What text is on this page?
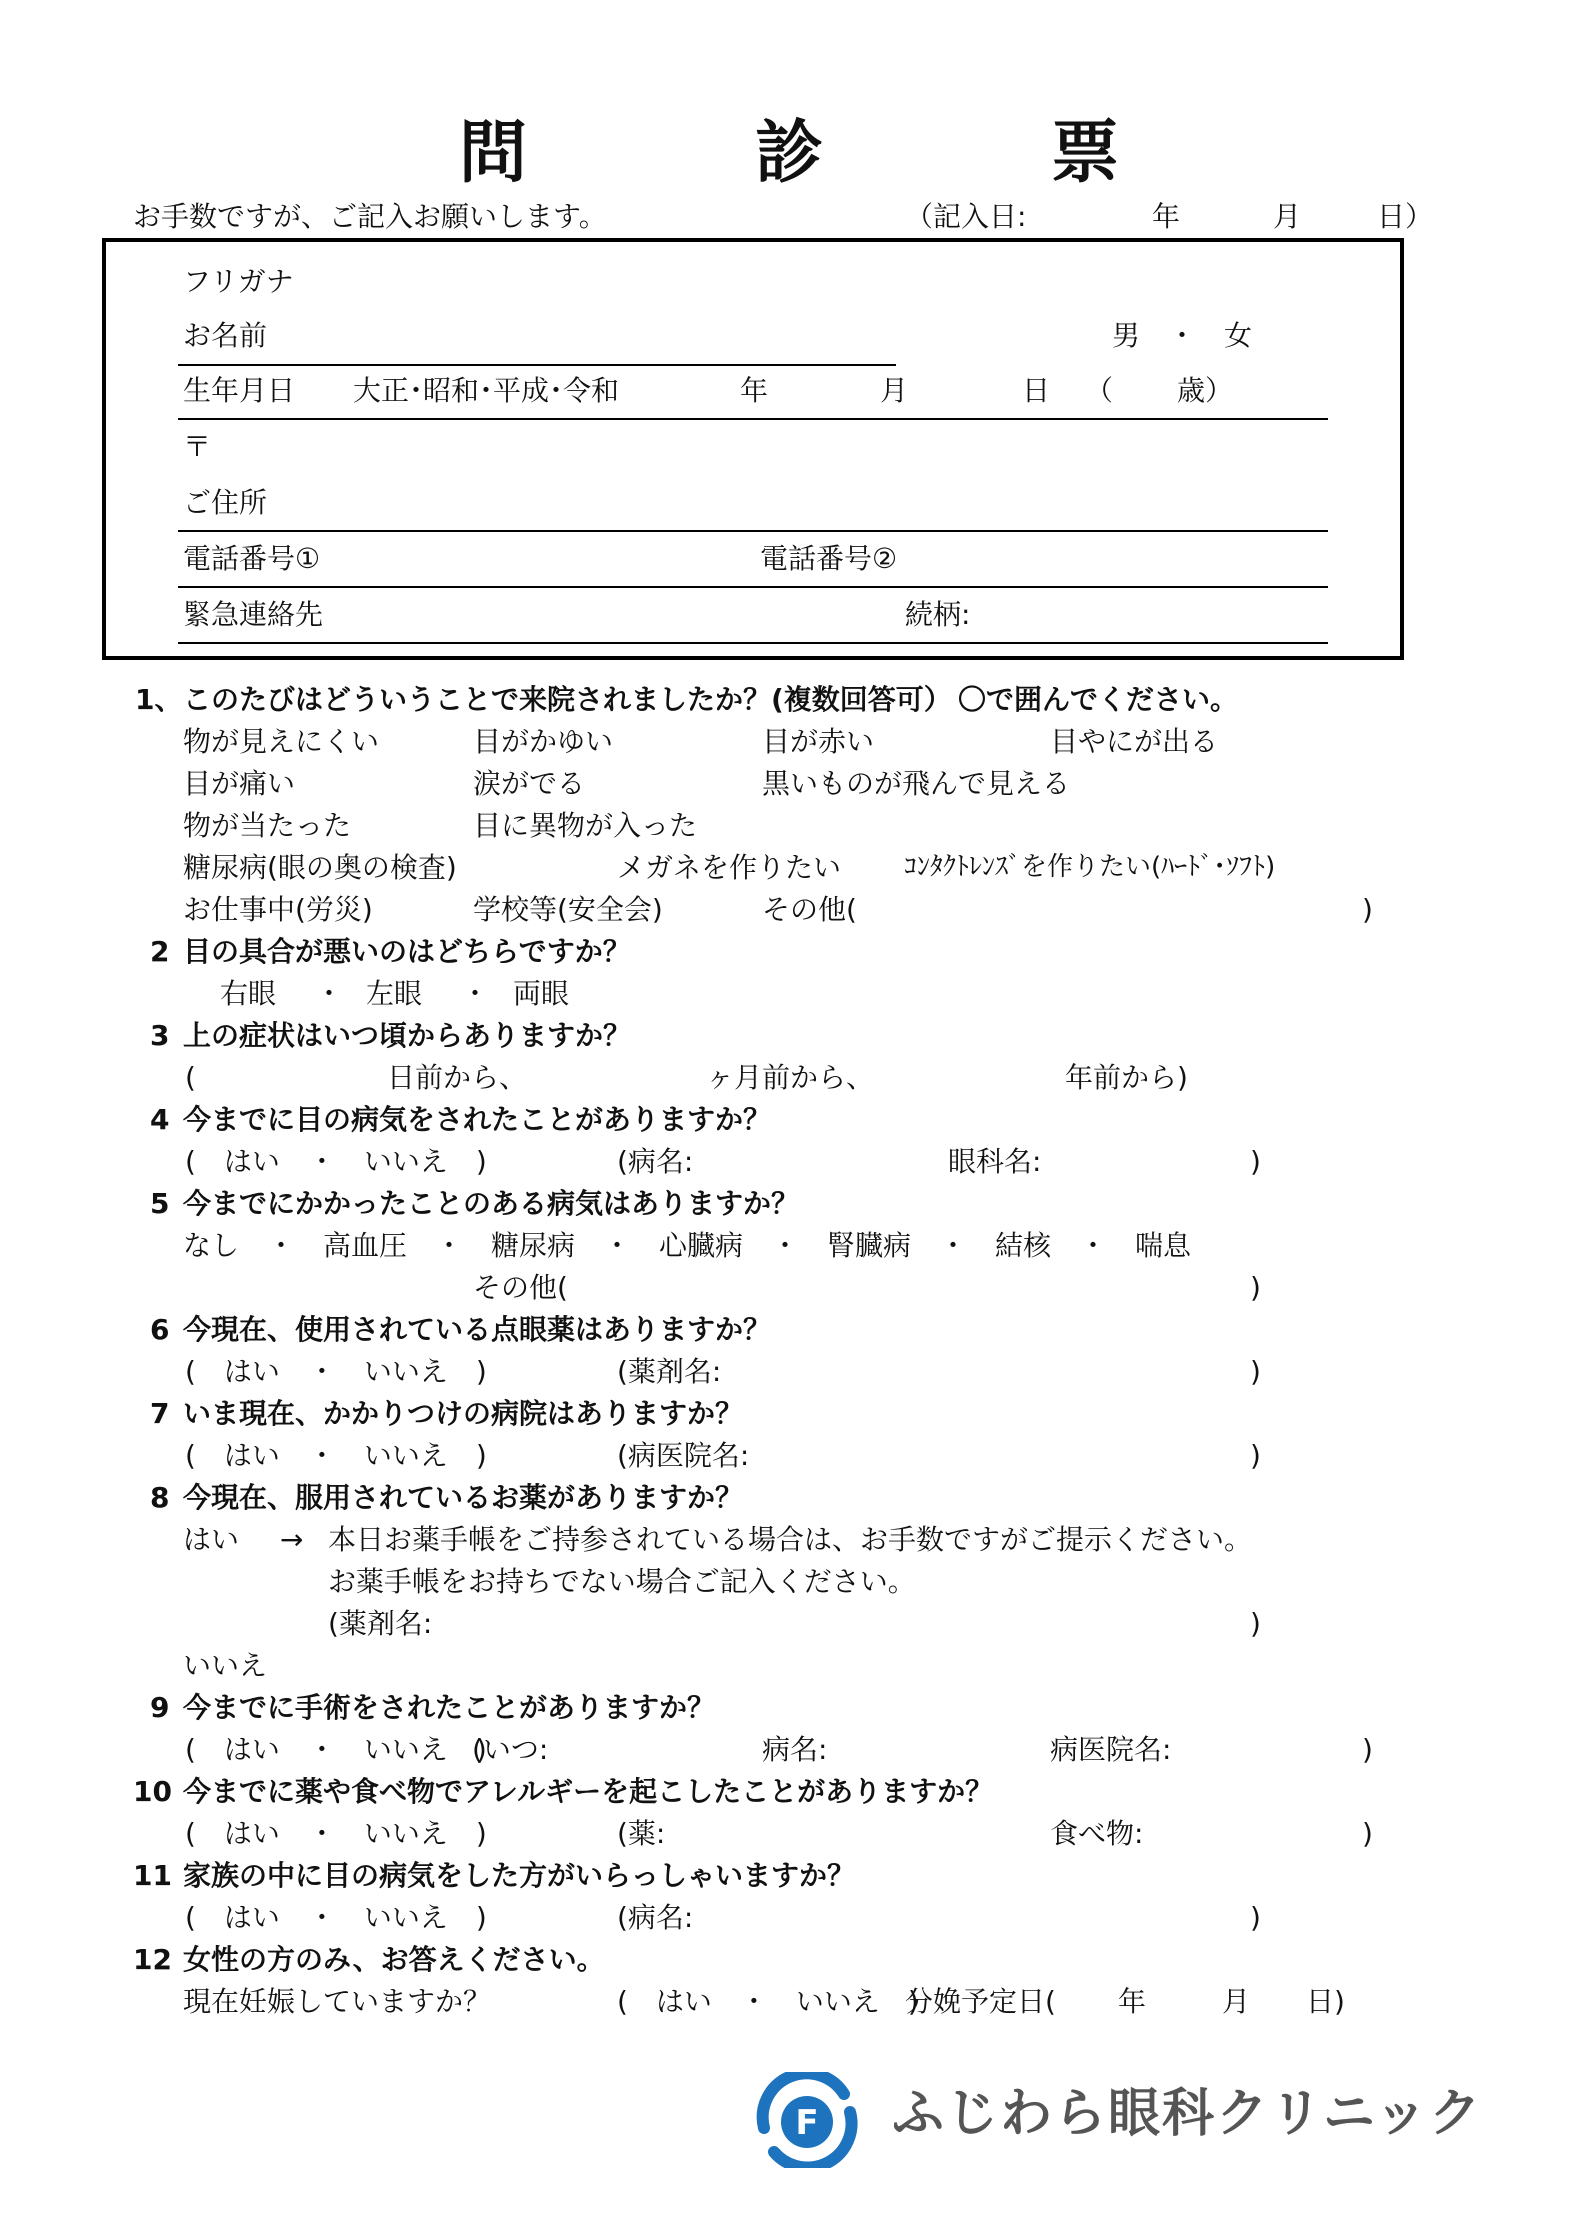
問　診　票
お手数ですが、ご記入お願いします。	（記入日:	年	月	日）
フリガナ
お名前	男　・　女
生年月日 大正･昭和･平成･令和	年	月	日 （ 歳）
〒
ご住所
電話番号①	電話番号②
緊急連絡先	続柄:
1、 このたびはどういうことで来院されましたか？(複数回答可） 〇で囲んでください。
物が見えにくい	目がかゆい	目が赤い	目やにが出る
目が痛い	涙がでる	黒いものが飛んで見える
物が当たった	目に異物が入った
糖尿病(眼の奥の検査)	メガネを作りたい ｺﾝﾀｸﾄﾚﾝｽﾞを作りたい(ﾊｰﾄﾞ･ｿﾌﾄ)
お仕事中(労災)	学校等(安全会)	その他(	)
2 目の具合が悪いのはどちらですか？
右眼 ・ 左眼 ・ 両眼
3 上の症状はいつ頃からありますか？
(	日前から、	ヶ月前から、	年前から)
4 今までに目の病気をされたことがありますか？
(　はい　・　いいえ　)	(病名:	眼科名:	)
5 今までにかかったことのある病気はありますか？
なし　・　高血圧　・　糖尿病　・　心臓病　・　腎臓病　・　結核　・　喘息
その他(	)
6 今現在、使用されている点眼薬はありますか？
(　はい　・　いいえ　)	(薬剤名:	)
7 いま現在、かかりつけの病院はありますか？
(　はい　・　いいえ　)	(病医院名:	)
8 今現在、服用されているお薬がありますか？
はい → 本日お薬手帳をご持参されている場合は、お手数ですがご提示ください。
お薬手帳をお持ちでない場合ご記入ください。
(薬剤名:	)
いいえ
9 今までに手術をされたことがありますか？
(　はい　・　いいえ　)
(いつ:	病名:	病医院名:	)
10 今までに薬や食べ物でアレルギーを起こしたことがありますか？
(　はい　・　いいえ　)	(薬:	食べ物:	)
11 家族の中に目の病気をした方がいらっしゃいますか？
(　はい　・　いいえ　)	(病名:	)
12 女性の方のみ、お答えください。
現在妊娠していますか？	(　はい　・　いいえ　)
分娩予定日( 年	月 日)
F ふじわら眼科クリニック
